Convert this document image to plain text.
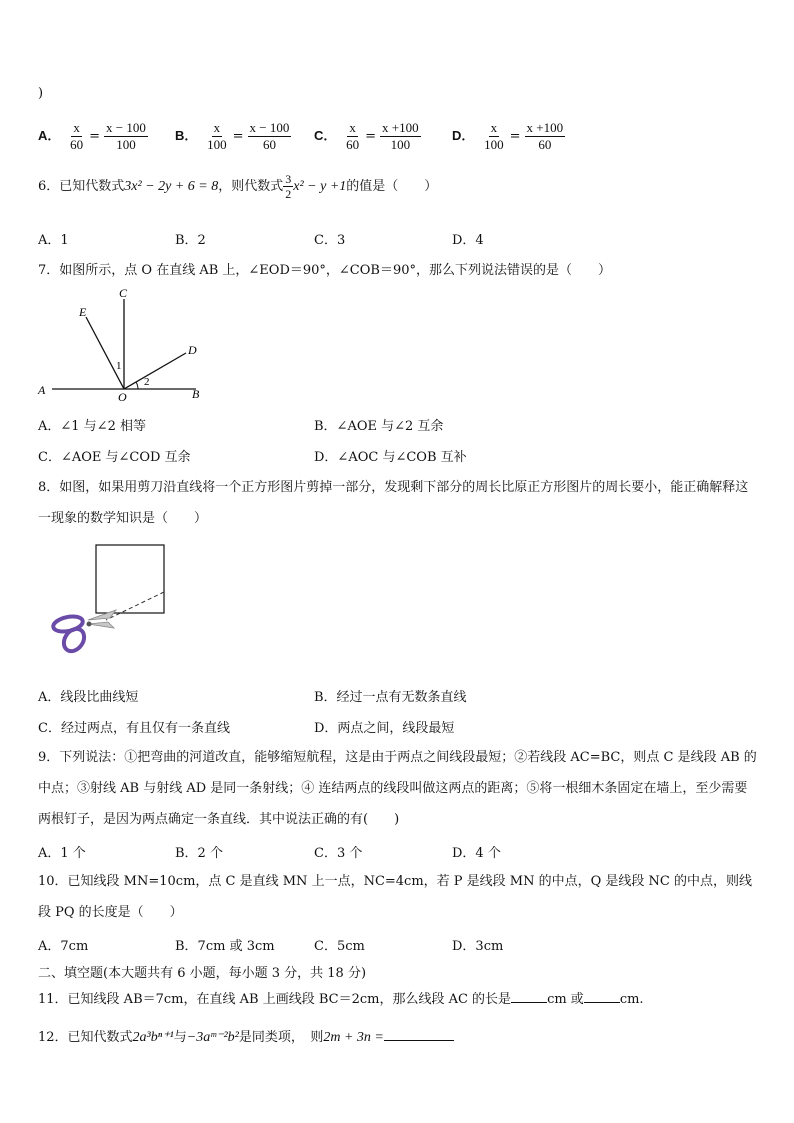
)
A． $\frac{x}{60} = \frac{x - 100}{100}$ B． $\frac{x}{100} = \frac{x - 100}{60}$ C． $\frac{x}{60} = \frac{x +100}{100}$ D． $\frac{x}{100} = \frac{x +100}{60}$
6．已知代数式3x² − 2y + 6 = 8，则代数式 $\frac{3}{2} x^2 - y +1$的值是（　　）
A．1	B．2	C．3	D．4
7．如图所示，点 O 在直线 AB 上，∠EOD＝90°，∠COB＝90°，那么下列说法错误的是（　　）
C
E
D
A	O	B
1
2
A．∠1 与∠2 相等	B．∠AOE 与∠2 互余
C．∠AOE 与∠COD 互余	D．∠AOC 与∠COB 互补
8．如图，如果用剪刀沿直线将一个正方形图片剪掉一部分，发现剩下部分的周长比原正方形图片的周长要小，能正确解释这一现象的数学知识是（　　）
A．线段比曲线短	B．经过一点有无数条直线
C．经过两点，有且仅有一条直线	D．两点之间，线段最短
9．下列说法：①把弯曲的河道改直，能够缩短航程，这是由于两点之间线段最短；②若线段 AC=BC，则点 C 是线段 AB 的中点；③射线 AB 与射线 AD 是同一条射线；④ 连结两点的线段叫做这两点的距离；⑤将一根细木条固定在墙上，至少需要两根钉子，是因为两点确定一条直线．其中说法正确的有(　　)
A．1 个	B．2 个	C．3 个	D．4 个
10．已知线段 MN=10cm，点 C 是直线 MN 上一点，NC=4cm，若 P 是线段 MN 的中点，Q 是线段 NC 的中点，则线段 PQ 的长度是（　　）
A．7cm	B．7cm 或 3cm	C．5cm	D．3cm
二、填空题(本大题共有 6 小题，每小题 3 分，共 18 分)
11．已知线段 AB＝7cm，在直线 AB 上画线段 BC＝2cm，那么线段 AC 的长是	cm 或	cm.
12．已知代数式2a³bⁿ⁺¹与−3aᵐ⁻²b²是同类项，　则2m + 3n =
